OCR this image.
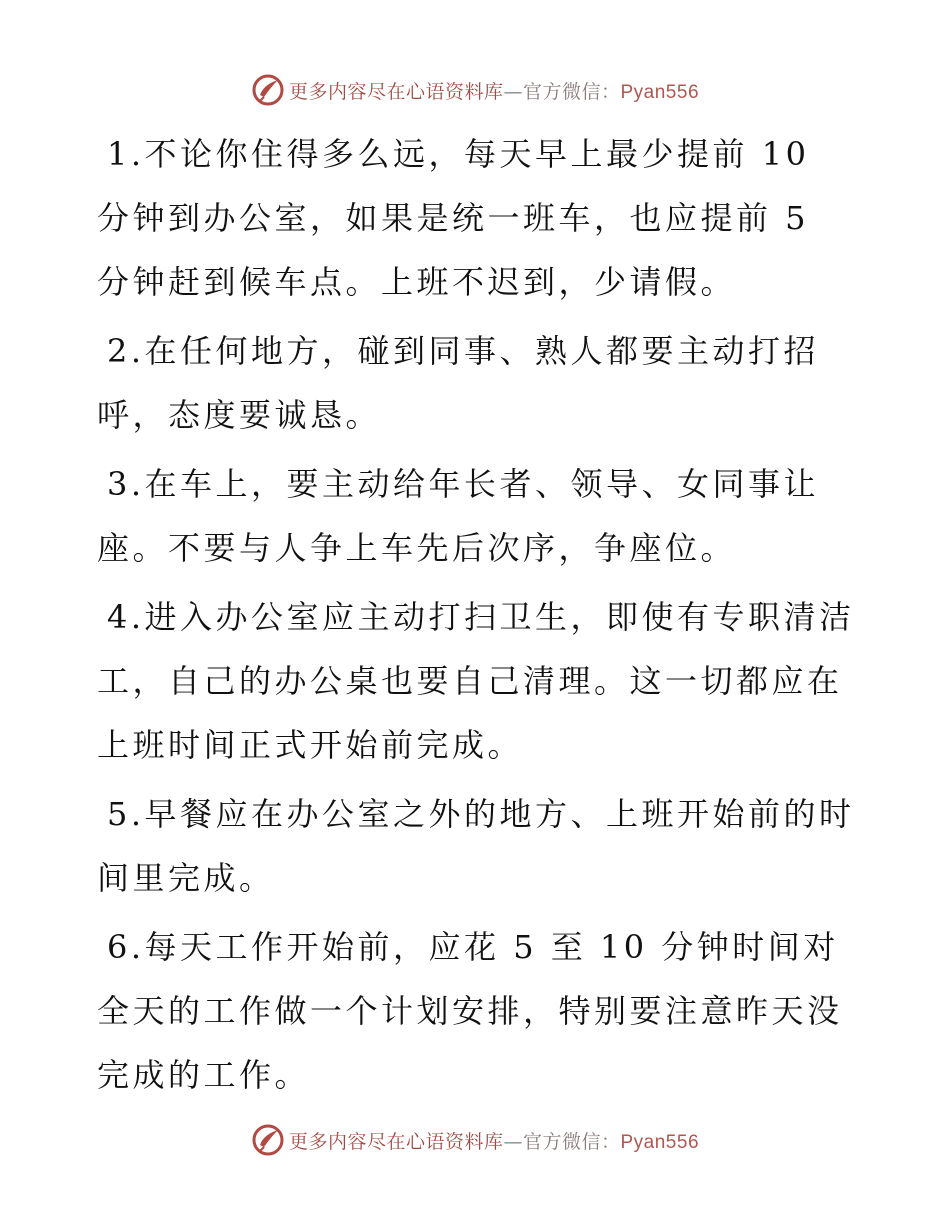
更多内容尽在心语资料库—官方微信：Pyan556

1.不论你住得多么远，每天早上最少提前 10 分钟到办公室，如果是统一班车，也应提前 5 分钟赶到候车点。上班不迟到，少请假。

2.在任何地方，碰到同事、熟人都要主动打招呼，态度要诚恳。

3.在车上，要主动给年长者、领导、女同事让座。不要与人争上车先后次序，争座位。

4.进入办公室应主动打扫卫生，即使有专职清洁工，自己的办公桌也要自己清理。这一切都应在上班时间正式开始前完成。

5.早餐应在办公室之外的地方、上班开始前的时间里完成。

6.每天工作开始前，应花 5 至 10 分钟时间对全天的工作做一个计划安排，特别要注意昨天没完成的工作。

更多内容尽在心语资料库—官方微信：Pyan556
